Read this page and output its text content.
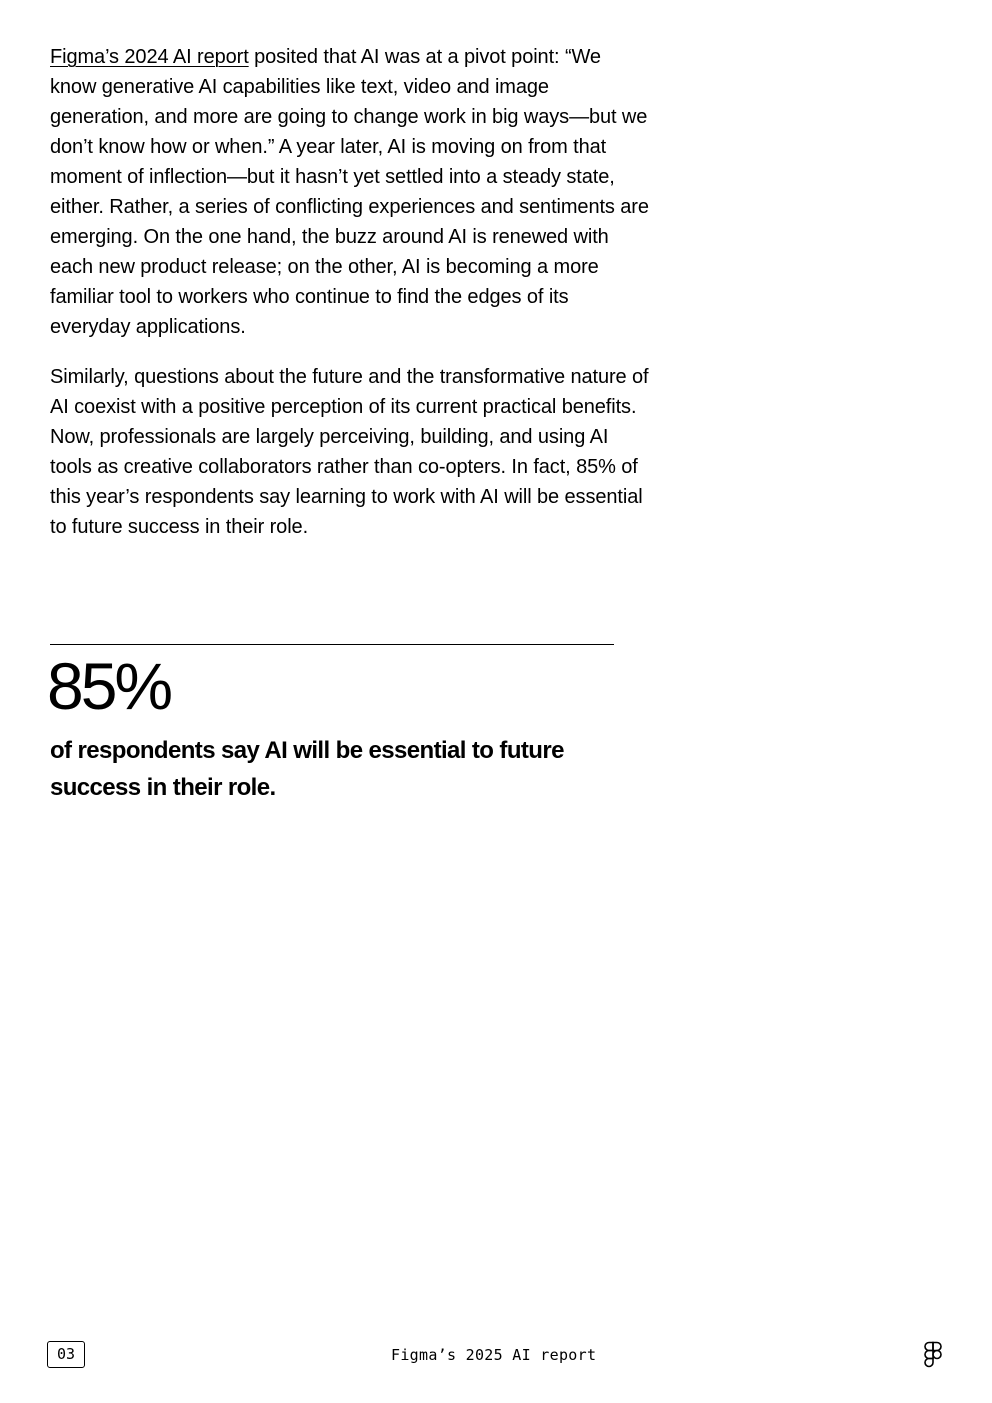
Figma’s 2024 AI report posited that AI was at a pivot point: “We know generative AI capabilities like text, video and image generation, and more are going to change work in big ways—but we don’t know how or when.” A year later, AI is moving on from that moment of inflection—but it hasn’t yet settled into a steady state, either. Rather, a series of conflicting experiences and sentiments are emerging. On the one hand, the buzz around AI is renewed with each new product release; on the other, AI is becoming a more familiar tool to workers who continue to find the edges of its everyday applications.

Similarly, questions about the future and the transformative nature of AI coexist with a positive perception of its current practical benefits. Now, professionals are largely perceiving, building, and using AI tools as creative collaborators rather than co-opters. In fact, 85% of this year’s respondents say learning to work with AI will be essential to future success in their role.

85%

of respondents say AI will be essential to future success in their role.

03	Figma’s 2025 AI report
